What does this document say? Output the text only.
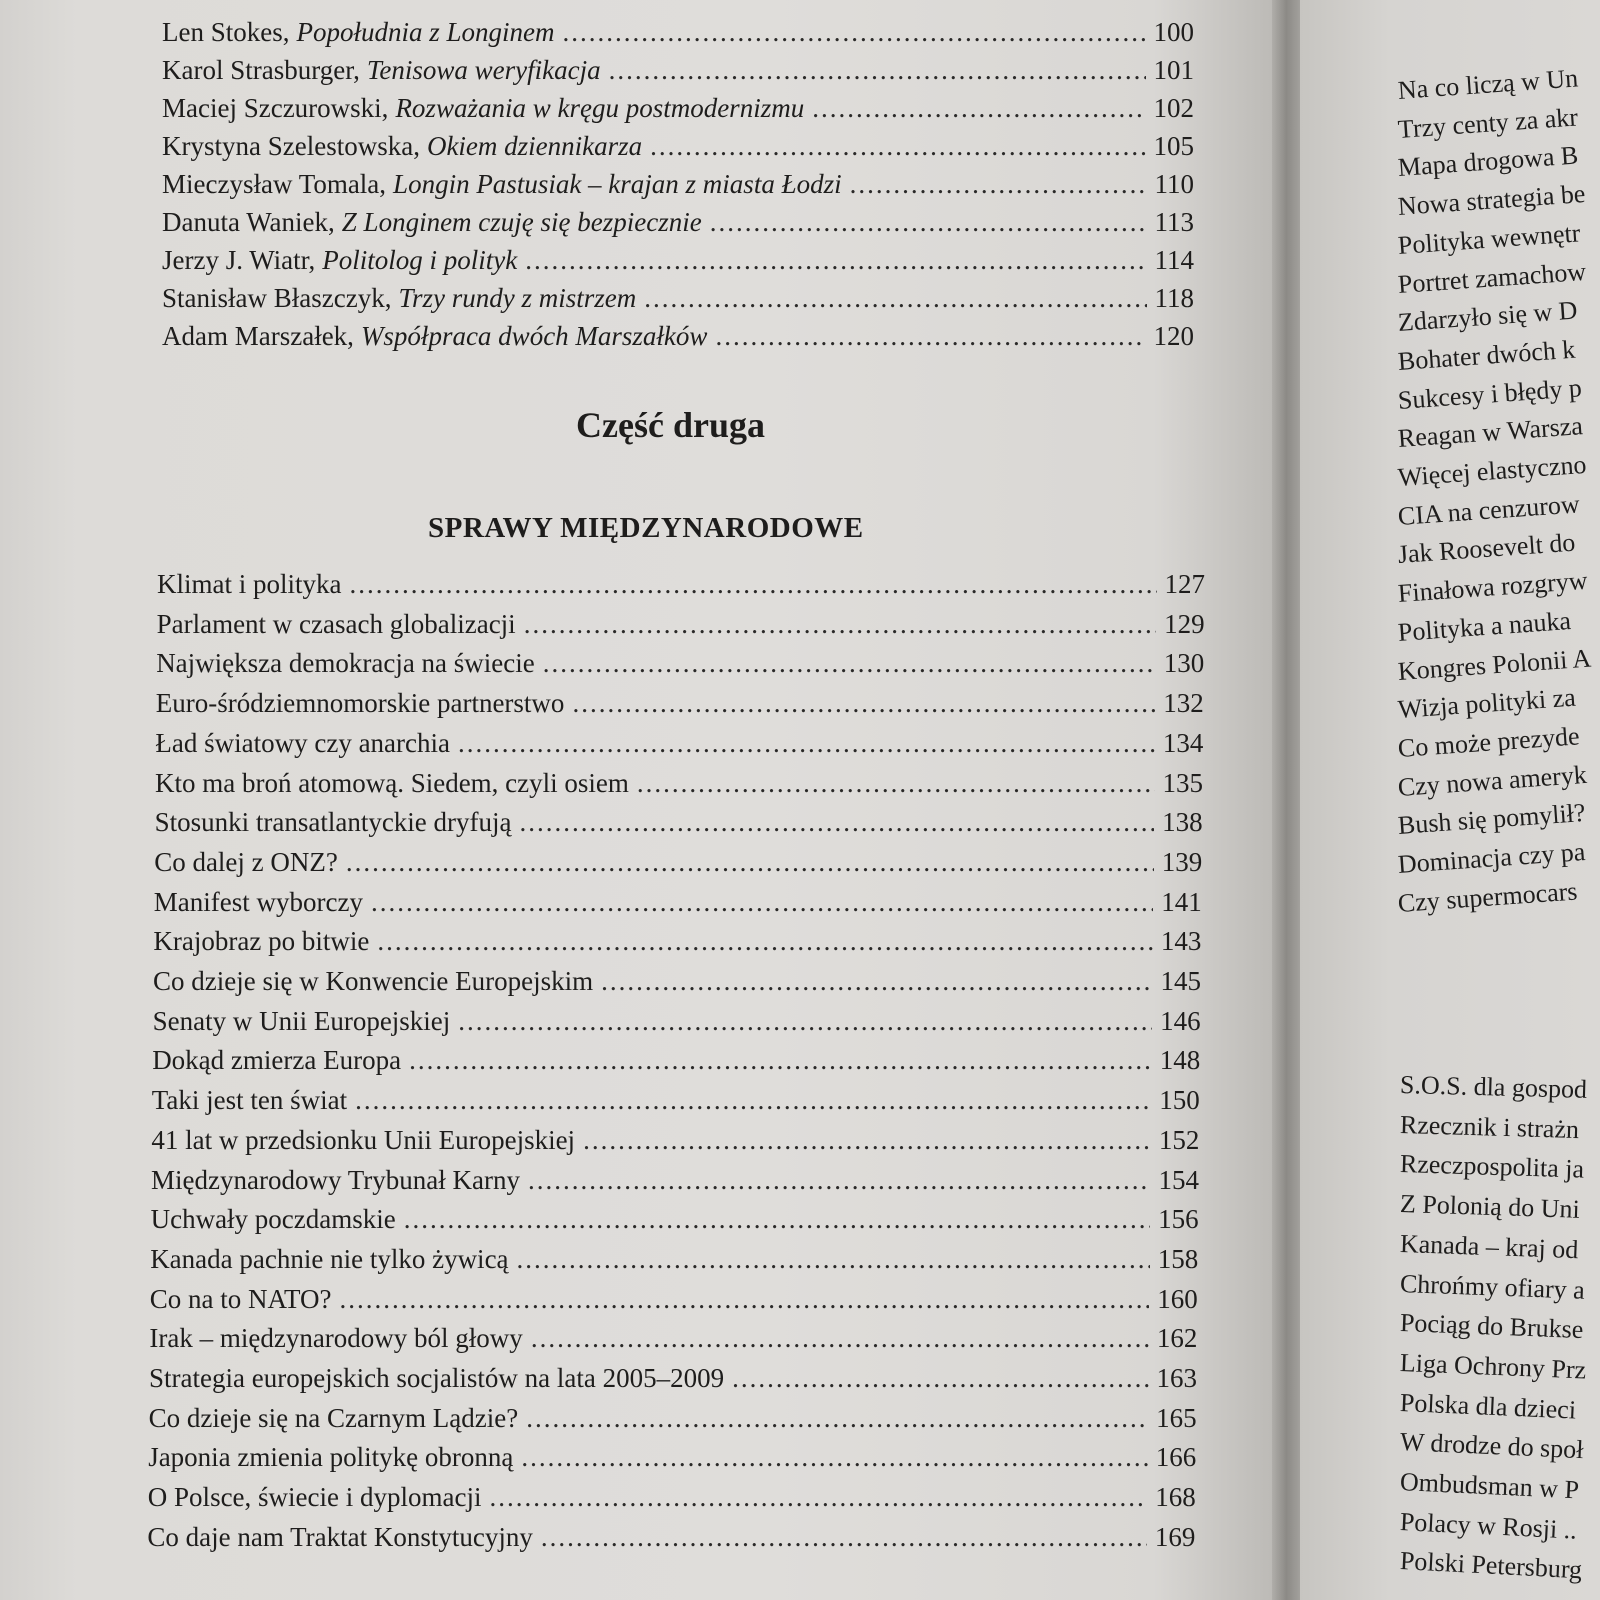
Len Stokes, Popołudnia z Longinem .....	100
Karol Strasburger, Tenisowa weryfikacja .....	101
Maciej Szczurowski, Rozważania w kręgu postmodernizmu .....	102
Krystyna Szelestowska, Okiem dziennikarza .....	105
Mieczysław Tomala, Longin Pastusiak – krajan z miasta Łodzi .....	110
Danuta Waniek, Z Longinem czuję się bezpiecznie .....	113
Jerzy J. Wiatr, Politolog i polityk .....	114
Stanisław Błaszczyk, Trzy rundy z mistrzem .....	118
Adam Marszałek, Współpraca dwóch Marszałków .....	120
Część druga
SPRAWY MIĘDZYNARODOWE
Klimat i polityka .....	127
Parlament w czasach globalizacji .....	129
Największa demokracja na świecie .....	130
Euro-śródziemnomorskie partnerstwo .....	132
Ład światowy czy anarchia .....	134
Kto ma broń atomową. Siedem, czyli osiem .....	135
Stosunki transatlantyckie dryfują .....	138
Co dalej z ONZ? .....	139
Manifest wyborczy .....	141
Krajobraz po bitwie .....	143
Co dzieje się w Konwencie Europejskim .....	145
Senaty w Unii Europejskiej .....	146
Dokąd zmierza Europa .....	148
Taki jest ten świat .....	150
41 lat w przedsionku Unii Europejskiej .....	152
Międzynarodowy Trybunał Karny .....	154
Uchwały poczdamskie .....	156
Kanada pachnie nie tylko żywicą .....	158
Co na to NATO? .....	160
Irak – międzynarodowy ból głowy .....	162
Strategia europejskich socjalistów na lata 2005–2009 .....	163
Co dzieje się na Czarnym Lądzie? .....	165
Japonia zmienia politykę obronną .....	166
O Polsce, świecie i dyplomacji .....	168
Co daje nam Traktat Konstytucyjny .....	169
Na co liczą w Un
Trzy centy za akr
Mapa drogowa B
Nowa strategia be
Polityka wewnętr
Portret zamachow
Zdarzyło się w D
Bohater dwóch k
Sukcesy i błędy p
Reagan w Warsza
Więcej elastyczno
CIA na cenzurow
Jak Roosevelt do
Finałowa rozgryw
Polityka a nauka
Kongres Polonii A
Wizja polityki za
Co może prezyde
Czy nowa ameryk
Bush się pomylił?
Dominacja czy pa
Czy supermocars
S.O.S. dla gospod
Rzecznik i strażn
Rzeczpospolita ja
Z Polonią do Uni
Kanada – kraj od
Chrońmy ofiary a
Pociąg do Brukse
Liga Ochrony Prz
Polska dla dzieci
W drodze do społ
Ombudsman w P
Polacy w Rosji ..
Polski Petersburg
